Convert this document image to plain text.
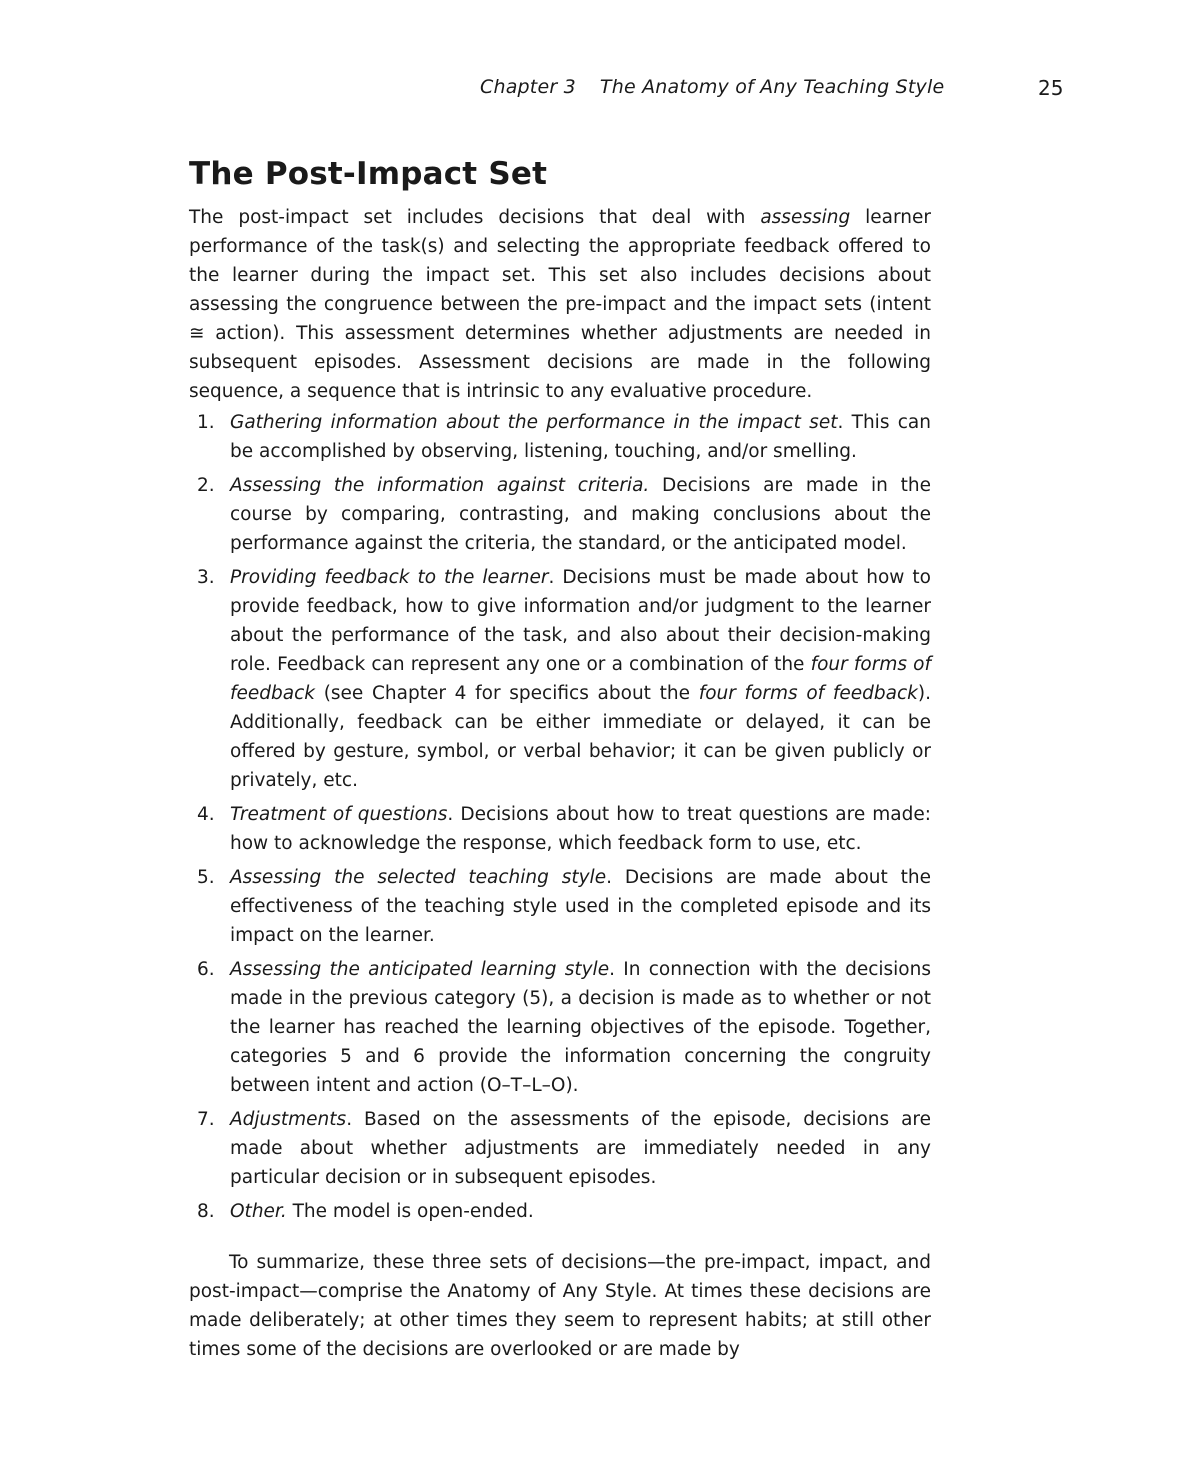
Chapter 3 The Anatomy of Any Teaching Style	25
The Post-Impact Set

The post-impact set includes decisions that deal with assessing learner performance of the task(s) and selecting the appropriate feedback offered to the learner during the impact set. This set also includes decisions about assessing the congruence between the pre-impact and the impact sets (intent ≅ action). This assessment determines whether adjustments are needed in subsequent episodes. Assessment decisions are made in the following sequence, a sequence that is intrinsic to any evaluative procedure.

1. Gathering information about the performance in the impact set. This can be accomplished by observing, listening, touching, and/or smelling.
2. Assessing the information against criteria. Decisions are made in the course by comparing, contrasting, and making conclusions about the performance against the criteria, the standard, or the anticipated model.
3. Providing feedback to the learner. Decisions must be made about how to provide feedback, how to give information and/or judgment to the learner about the performance of the task, and also about their decision-making role. Feedback can represent any one or a combination of the four forms of feedback (see Chapter 4 for specifics about the four forms of feedback). Additionally, feedback can be either immediate or delayed, it can be offered by gesture, symbol, or verbal behavior; it can be given publicly or privately, etc.
4. Treatment of questions. Decisions about how to treat questions are made: how to acknowledge the response, which feedback form to use, etc.
5. Assessing the selected teaching style. Decisions are made about the effectiveness of the teaching style used in the completed episode and its impact on the learner.
6. Assessing the anticipated learning style. In connection with the decisions made in the previous category (5), a decision is made as to whether or not the learner has reached the learning objectives of the episode. Together, categories 5 and 6 provide the information concerning the congruity between intent and action (O–T–L–O).
7. Adjustments. Based on the assessments of the episode, decisions are made about whether adjustments are immediately needed in any particular decision or in subsequent episodes.
8. Other. The model is open-ended.

To summarize, these three sets of decisions—the pre-impact, impact, and post-impact—comprise the Anatomy of Any Style. At times these decisions are made deliberately; at other times they seem to represent habits; at still other times some of the decisions are overlooked or are made by
